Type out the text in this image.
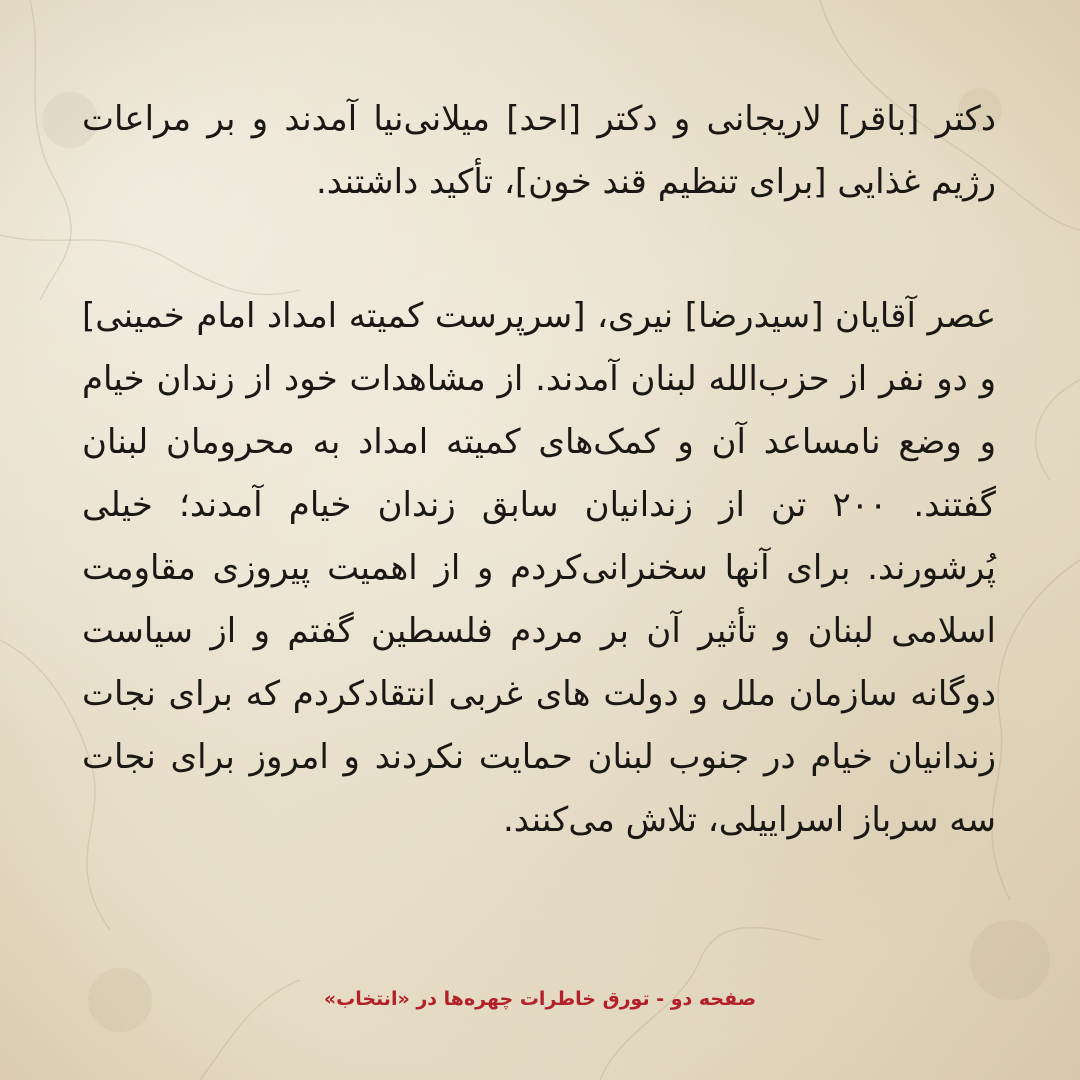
دکتر [باقر] لاریجانی و دکتر [احد] میلانی‌نیا آمدند و بر مراعات رژیم غذایی [برای تنظیم قند خون]، تأکید داشتند.

عصر آقایان [سیدرضا] نیری، [سرپرست کمیته امداد امام خمینی] و دو نفر از حزب‌الله لبنان آمدند. از مشاهدات خود از زندان خیام و وضع نامساعد آن و کمک‌های کمیته امداد به محرومان لبنان گفتند. ۲۰۰ تن از زندانیان سابق زندان خیام آمدند؛ خیلی پُرشورند. برای آنها سخنرانی‌کردم و از اهمیت پیروزی مقاومت اسلامی لبنان و تأثیر آن بر مردم فلسطین گفتم و از سیاست دوگانه سازمان ملل و دولت های غربی انتقادکردم که برای نجات زندانیان خیام در جنوب لبنان حمایت نکردند و امروز برای نجات سه سرباز اسراییلی، تلاش می‌کنند.

صفحه دو - تورق خاطرات چهره‌ها در «انتخاب»
